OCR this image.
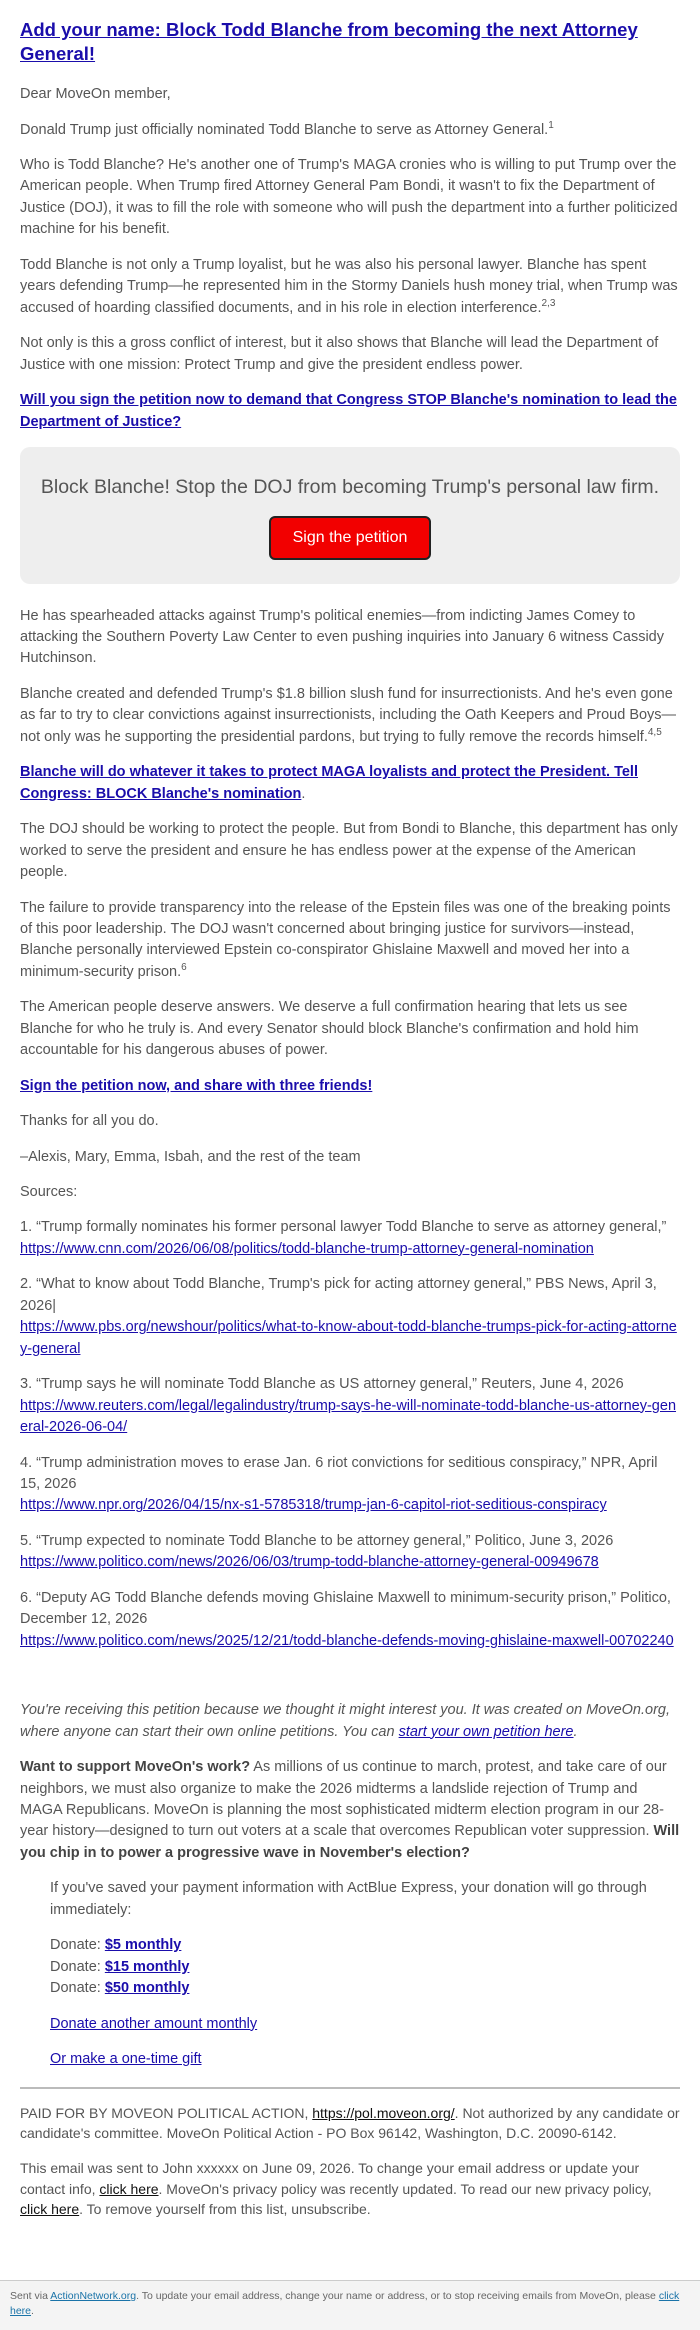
Add your name: Block Todd Blanche from becoming the next Attorney General!

Dear MoveOn member,

Donald Trump just officially nominated Todd Blanche to serve as Attorney General.$^1$

Who is Todd Blanche? He's another one of Trump's MAGA cronies who is willing to put Trump over the American people. When Trump fired Attorney General Pam Bondi, it wasn't to fix the Department of Justice (DOJ), it was to fill the role with someone who will push the department into a further politicized machine for his benefit.

Todd Blanche is not only a Trump loyalist, but he was also his personal lawyer. Blanche has spent years defending Trump—he represented him in the Stormy Daniels hush money trial, when Trump was accused of hoarding classified documents, and in his role in election interference.$^{2,3}$

Not only is this a gross conflict of interest, but it also shows that Blanche will lead the Department of Justice with one mission: Protect Trump and give the president endless power.

Will you sign the petition now to demand that Congress STOP Blanche's nomination to lead the Department of Justice?

Block Blanche! Stop the DOJ from becoming Trump's personal law firm.
Sign the petition

He has spearheaded attacks against Trump's political enemies—from indicting James Comey to attacking the Southern Poverty Law Center to even pushing inquiries into January 6 witness Cassidy Hutchinson.

Blanche created and defended Trump's $1.8 billion slush fund for insurrectionists. And he's even gone as far to try to clear convictions against insurrectionists, including the Oath Keepers and Proud Boys—not only was he supporting the presidential pardons, but trying to fully remove the records himself.$^{4,5}$

Blanche will do whatever it takes to protect MAGA loyalists and protect the President. Tell Congress: BLOCK Blanche's nomination.

The DOJ should be working to protect the people. But from Bondi to Blanche, this department has only worked to serve the president and ensure he has endless power at the expense of the American people.

The failure to provide transparency into the release of the Epstein files was one of the breaking points of this poor leadership. The DOJ wasn't concerned about bringing justice for survivors—instead, Blanche personally interviewed Epstein co-conspirator Ghislaine Maxwell and moved her into a minimum-security prison.$^6$

The American people deserve answers. We deserve a full confirmation hearing that lets us see Blanche for who he truly is. And every Senator should block Blanche's confirmation and hold him accountable for his dangerous abuses of power.

Sign the petition now, and share with three friends!

Thanks for all you do.

–Alexis, Mary, Emma, Isbah, and the rest of the team

Sources:

1. “Trump formally nominates his former personal lawyer Todd Blanche to serve as attorney general,”
https://www.cnn.com/2026/06/08/politics/todd-blanche-trump-attorney-general-nomination

2. “What to know about Todd Blanche, Trump's pick for acting attorney general,” PBS News, April 3, 2026|
https://www.pbs.org/newshour/politics/what-to-know-about-todd-blanche-trumps-pick-for-acting-attorney-general

3. “Trump says he will nominate Todd Blanche as US attorney general,” Reuters, June 4, 2026
https://www.reuters.com/legal/legalindustry/trump-says-he-will-nominate-todd-blanche-us-attorney-general-2026-06-04/

4. “Trump administration moves to erase Jan. 6 riot convictions for seditious conspiracy,” NPR, April 15, 2026
https://www.npr.org/2026/04/15/nx-s1-5785318/trump-jan-6-capitol-riot-seditious-conspiracy

5. “Trump expected to nominate Todd Blanche to be attorney general,” Politico, June 3, 2026
https://www.politico.com/news/2026/06/03/trump-todd-blanche-attorney-general-00949678

6. “Deputy AG Todd Blanche defends moving Ghislaine Maxwell to minimum-security prison,” Politico, December 12, 2026
https://www.politico.com/news/2025/12/21/todd-blanche-defends-moving-ghislaine-maxwell-00702240

You're receiving this petition because we thought it might interest you. It was created on MoveOn.org, where anyone can start their own online petitions. You can start your own petition here.

Want to support MoveOn's work? As millions of us continue to march, protest, and take care of our neighbors, we must also organize to make the 2026 midterms a landslide rejection of Trump and MAGA Republicans. MoveOn is planning the most sophisticated midterm election program in our 28-year history—designed to turn out voters at a scale that overcomes Republican voter suppression. Will you chip in to power a progressive wave in November's election?

If you've saved your payment information with ActBlue Express, your donation will go through immediately:

Donate: $5 monthly

Donate: $15 monthly

Donate: $50 monthly

Donate another amount monthly

Or make a one-time gift

PAID FOR BY MOVEON POLITICAL ACTION, https://pol.moveon.org/. Not authorized by any candidate or candidate's committee. MoveOn Political Action - PO Box 96142, Washington, D.C. 20090-6142.

This email was sent to John xxxxxx on June 09, 2026. To change your email address or update your contact info, click here. MoveOn's privacy policy was recently updated. To read our new privacy policy, click here. To remove yourself from this list, unsubscribe.

Sent via ActionNetwork.org. To update your email address, change your name or address, or to stop receiving emails from MoveOn, please click here.
